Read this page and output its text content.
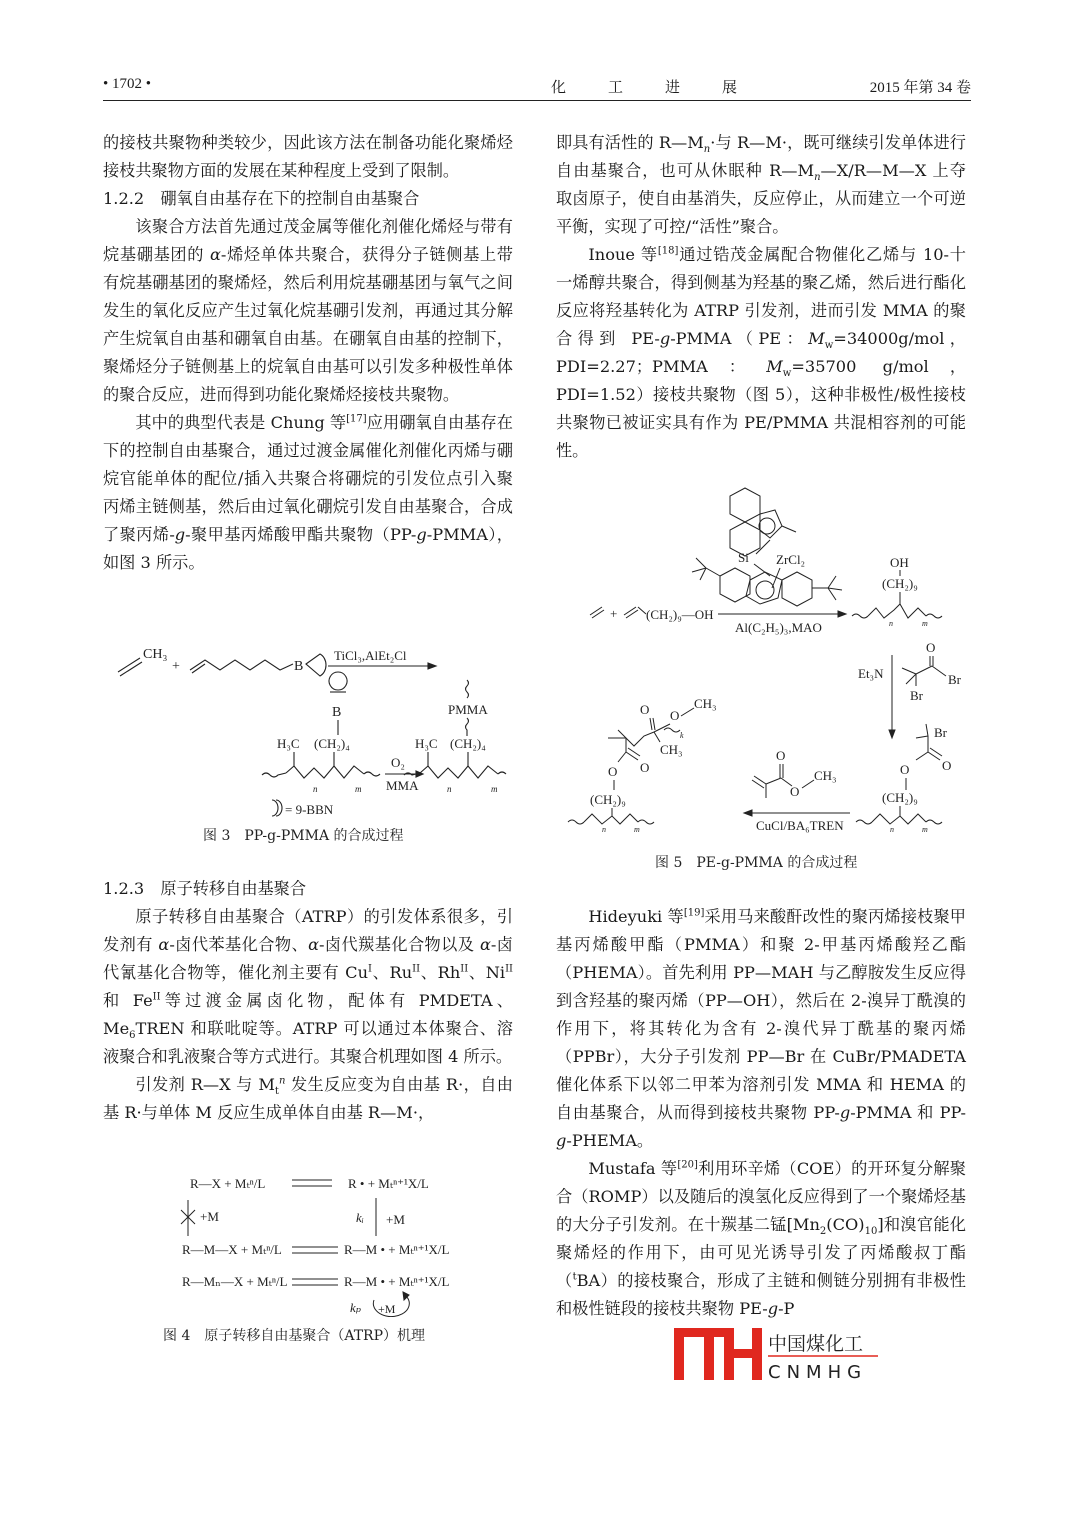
• 1702 •	化	工	进	展	2015 年第 34 卷

的接枝共聚物种类较少，因此该方法在制备功能化聚烯烃接枝共聚物方面的发展在某种程度上受到了限制。

1.2.2　硼氧自由基存在下的控制自由基聚合

该聚合方法首先通过茂金属等催化剂催化烯烃与带有烷基硼基团的 α-烯烃单体共聚合，获得分子链侧基上带有烷基硼基团的聚烯烃，然后利用烷基硼基团与氧气之间发生的氧化反应产生过氧化烷基硼引发剂，再通过其分解产生烷氧自由基和硼氧自由基。在硼氧自由基的控制下，聚烯烃分子链侧基上的烷氧自由基可以引发多种极性单体的聚合反应，进而得到功能化聚烯烃接枝共聚物。

其中的典型代表是 Chung 等[17]应用硼氧自由基存在下的控制自由基聚合，通过过渡金属催化剂催化丙烯与硼烷官能单体的配位/插入共聚合将硼烷的引发位点引入聚丙烯主链侧基，然后由过氧化硼烷引发自由基聚合，合成了聚丙烯-g-聚甲基丙烯酸甲酯共聚物（PP-g-PMMA），如图 3 所示。

CH₃
+	B
TiCl₃,AlEt₂Cl
B
H₃C (CH₂)₄
n	m
O₂
MMA
PMMA
H₃C (CH₂)₄
n	m
= 9-BBN
图 3　PP-g-PMMA 的合成过程

1.2.3　原子转移自由基聚合

原子转移自由基聚合（ATRP）的引发体系很多，引发剂有 α-卤代苯基化合物、α-卤代羰基化合物以及 α-卤代氰基化合物等，催化剂主要有 $Cu^I$、$Ru^{II}$、$Rh^{II}$、$Ni^{II}$和 $Fe^{II}$等过渡金属卤化物，配体有 PMDETA、$Me_6TREN$ 和联吡啶等。ATRP 可以通过本体聚合、溶液聚合和乳液聚合等方式进行。其聚合机理如图 4 所示。

引发剂 R—X 与 $M_t^n$ 发生反应变为自由基 R·，自由基 R·与单体 M 反应生成单体自由基 R—M·，

R—X + Mₜⁿ/L	R • + Mₜⁿ⁺¹X/L
+M	kᵢ +M
R—M—X + Mₜⁿ/L	R—M • + Mₜⁿ⁺¹X/L
R—Mₙ—X + Mₜⁿ/L	R—M • + Mₜⁿ⁺¹X/L
kₚ +M
图 4　原子转移自由基聚合（ATRP）机理

即具有活性的 $R—M_n\cdot$与 R—M·，既可继续引发单体进行自由基聚合，也可从休眠种 $R—M_n—X/R—M—X$ 上夺取卤原子，使自由基消失，反应停止，从而建立一个可逆平衡，实现了可控/“活性”聚合。

Inoue 等[18]通过锆茂金属配合物催化乙烯与 10-十一烯醇共聚合，得到侧基为羟基的聚乙烯，然后进行酯化反应将羟基转化为 ATRP 引发剂，进而引发 MMA 的聚合得到 PE-g-PMMA（PE：$M_w=34000g$/mol，PDI=2.27；PMMA：$M_w=35700$ g/mol，PDI=1.52）接枝共聚物（图 5），这种非极性/极性接枝共聚物已被证实具有作为 PE/PMMA 共混相容剂的可能性。

Si ZrCl₂
+ (CH₂)₉—OH
Al(C₂H₅)₃,MAO
OH
(CH₂)₉
n	m
Et₃N
O
Br
Br
Br
O
O
(CH₂)₉
n	m
CuCl/BA₆TREN
O
O
CH₃
O O
CH₃
CH₃
k
O
O
(CH₂)₉
n	m
图 5　PE-g-PMMA 的合成过程

Hideyuki 等[19]采用马来酸酐改性的聚丙烯接枝聚甲基丙烯酸甲酯（PMMA）和聚 2-甲基丙烯酸羟乙酯（PHEMA）。首先利用 PP—MAH 与乙醇胺发生反应得到含羟基的聚丙烯（PP—OH），然后在 2-溴异丁酰溴的作用下，将其转化为含有 2-溴代异丁酰基的聚丙烯（PPBr），大分子引发剂 PP—Br 在 CuBr/PMADETA 催化体系下以邻二甲苯为溶剂引发 MMA 和 HEMA 的自由基聚合，从而得到接枝共聚物 PP-g-PMMA 和 PP-g-PHEMA。

Mustafa 等[20]利用环辛烯（COE）的开环复分解聚合（ROMP）以及随后的溴氢化反应得到了一个聚烯烃基的大分子引发剂。在十羰基二锰$[Mn_2(CO)_{10}]$和溴官能化聚烯烃的作用下，由可见光诱导引发了丙烯酸叔丁酯（$^t$BA）的接枝聚合，形成了主链和侧链分别拥有非极性和极性链段的接枝共聚物 PE-g-P

中国煤化工
CNMHG
